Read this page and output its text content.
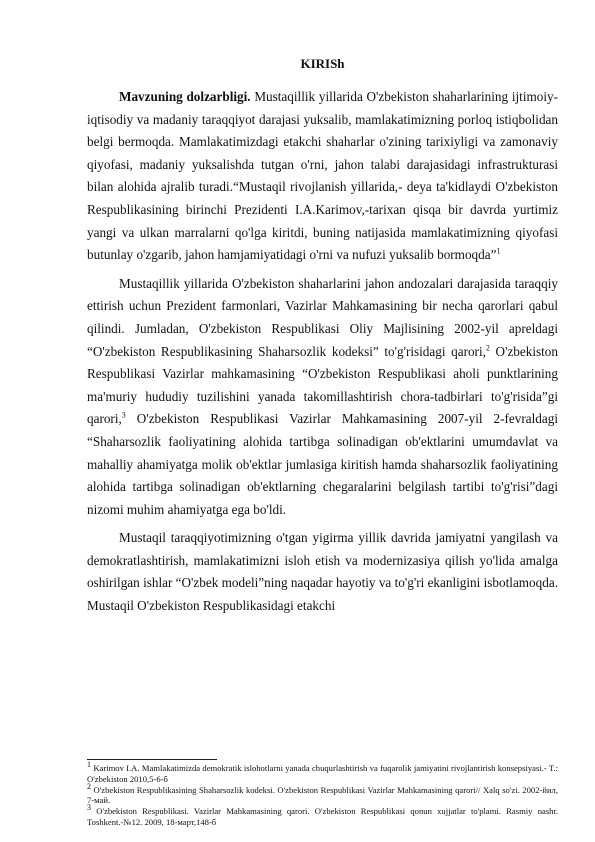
KIRISh

Mavzuning dolzarbligi. Mustaqillik yillarida O'zbekiston shaharlarining ijtimoiy-iqtisodiy va madaniy taraqqiyot darajasi yuksalib, mamlakatimizning porloq istiqbolidan belgi bermoqda. Mamlakatimizdagi etakchi shaharlar o'zining tarixiyligi va zamonaviy qiyofasi, madaniy yuksalishda tutgan o'rni, jahon talabi darajasidagi infrastrukturasi bilan alohida ajralib turadi.“Mustaqil rivojlanish yillarida,- deya ta'kidlaydi O'zbekiston Respublikasining birinchi Prezidenti I.A.Karimov,-tarixan qisqa bir davrda yurtimiz yangi va ulkan marralarni qo'lga kiritdi, buning natijasida mamlakatimizning qiyofasi butunlay o'zgarib, jahon hamjamiyatidagi o'rni va nufuzi yuksalib bormoqda”$^1$

Mustaqillik yillarida O'zbekiston shaharlarini jahon andozalari darajasida taraqqiy ettirish uchun Prezident farmonlari, Vazirlar Mahkamasining bir necha qarorlari qabul qilindi. Jumladan, O'zbekiston Respublikasi Oliy Majlisining 2002-yil apreldagi “O'zbekiston Respublikasining Shaharsozlik kodeksi” to'g'risidagi qarori,$^2$ O'zbekiston Respublikasi Vazirlar mahkamasining “O'zbekiston Respublikasi aholi punktlarining ma'muriy hududiy tuzilishini yanada takomillashtirish chora-tadbirlari to'g'risida”gi qarori,$^3$ O'zbekiston Respublikasi Vazirlar Mahkamasining 2007-yil 2-fevraldagi “Shaharsozlik faoliyatining alohida tartibga solinadigan ob'ektlarini umumdavlat va mahalliy ahamiyatga molik ob'ektlar jumlasiga kiritish hamda shaharsozlik faoliyatining alohida tartibga solinadigan ob'ektlarning chegaralarini belgilash tartibi to'g'risi”dagi nizomi muhim ahamiyatga ega bo'ldi.

Mustaqil taraqqiyotimizning o'tgan yigirma yillik davrida jamiyatni yangilash va demokratlashtirish, mamlakatimizni isloh etish va modernizasiya qilish yo'lida amalga oshirilgan ishlar “O'zbek modeli”ning naqadar hayotiy va to'g'ri ekanligini isbotlamoqda. Mustaqil O'zbekiston Respublikasidagi etakchi

$^1$ Karimov I.A. Mamlakatimizda demokratik islohotlarni yanada chuqurlashtirish va fuqarolik jamiyatini rivojlantirish konsepsiyasi.- T.: O'zbekiston 2010,5-6-б

$^2$ O'zbekiston Respublikasining Shaharsozlik kodeksi. O'zbekiston Respublikasi Vazirlar Mahkamasining qarori// Xalq so'zi. 2002-йил, 7-май.

$^3$ O'zbekiston Respublikasi. Vazirlar Mahkamasining qarori. O'zbekiston Respublikasi qonun xujjatlar to'plami. Rasmiy nashr. Toshkent.-№12. 2009, 18-март,148-б
